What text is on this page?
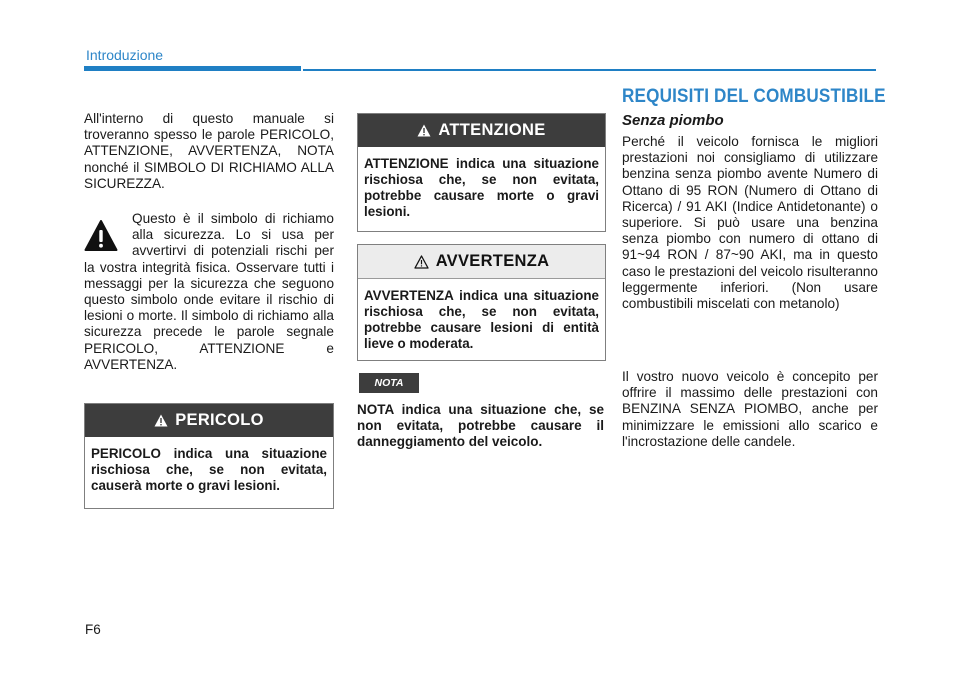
Introduzione
All'interno di questo manuale si troveranno spesso le parole PERICOLO, ATTENZIONE, AVVERTENZA, NOTA nonché il SIMBOLO DI RICHIAMO ALLA SICUREZZA.
Questo è il simbolo di richiamo alla sicurezza. Lo si usa per avvertirvi di potenziali rischi per la vostra integrità fisica. Osservare tutti i messaggi per la sicurezza che seguono questo simbolo onde evitare il rischio di lesioni o morte. Il simbolo di richiamo alla sicurezza precede le parole segnale PERICOLO, ATTENZIONE e AVVERTENZA.
PERICOLO
PERICOLO indica una situazione rischiosa che, se non evitata, causerà morte o gravi lesioni.
ATTENZIONE
ATTENZIONE indica una situazione rischiosa che, se non evitata, potrebbe causare morte o gravi lesioni.
AVVERTENZA
AVVERTENZA indica una situazione rischiosa che, se non evitata, potrebbe causare lesioni di entità lieve o moderata.
NOTA
NOTA indica una situazione che, se non evitata, potrebbe causare il danneggiamento del veicolo.
REQUISITI DEL COMBUSTIBILE
Senza piombo
Perché il veicolo fornisca le migliori prestazioni noi consigliamo di utilizzare benzina senza piombo avente Numero di Ottano di 95 RON (Numero di Ottano di Ricerca) / 91 AKI (Indice Antidetonante) o superiore. Si può usare una benzina senza piombo con numero di ottano di 91~94 RON / 87~90 AKI, ma in questo caso le prestazioni del veicolo risulteranno leggermente inferiori. (Non usare combustibili miscelati con metanolo)
Il vostro nuovo veicolo è concepito per offrire il massimo delle prestazioni con BENZINA SENZA PIOMBO, anche per minimizzare le emissioni allo scarico e l'incrostazione delle candele.
F6
